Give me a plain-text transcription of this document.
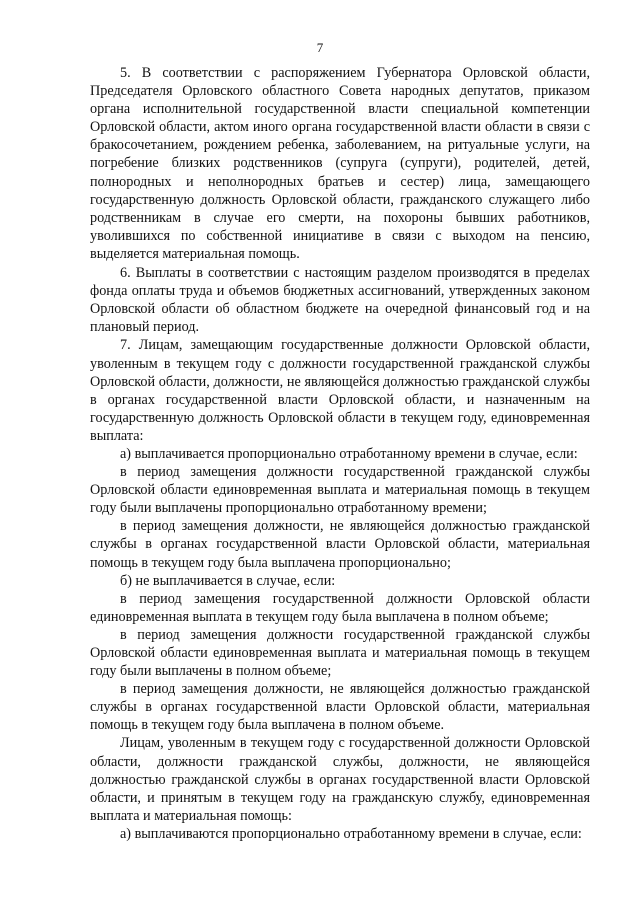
7

5. В соответствии с распоряжением Губернатора Орловской области, Председателя Орловского областного Совета народных депутатов, приказом органа исполнительной государственной власти специальной компетенции Орловской области, актом иного органа государственной власти области в связи с бракосочетанием, рождением ребенка, заболеванием, на ритуальные услуги, на погребение близких родственников (супруга (супруги), родителей, детей, полнородных и неполнородных братьев и сестер) лица, замещающего государственную должность Орловской области, гражданского служащего либо родственникам в случае его смерти, на похороны бывших работников, уволившихся по собственной инициативе в связи с выходом на пенсию, выделяется материальная помощь.

6. Выплаты в соответствии с настоящим разделом производятся в пределах фонда оплаты труда и объемов бюджетных ассигнований, утвержденных законом Орловской области об областном бюджете на очередной финансовый год и на плановый период.

7. Лицам, замещающим государственные должности Орловской области, уволенным в текущем году с должности государственной гражданской службы Орловской области, должности, не являющейся должностью гражданской службы в органах государственной власти Орловской области, и назначенным на государственную должность Орловской области в текущем году, единовременная выплата:

а) выплачивается пропорционально отработанному времени в случае, если:

в период замещения должности государственной гражданской службы Орловской области единовременная выплата и материальная помощь в текущем году были выплачены пропорционально отработанному времени;

в период замещения должности, не являющейся должностью гражданской службы в органах государственной власти Орловской области, материальная помощь в текущем году была выплачена пропорционально;

б) не выплачивается в случае, если:

в период замещения государственной должности Орловской области единовременная выплата в текущем году была выплачена в полном объеме;

в период замещения должности государственной гражданской службы Орловской области единовременная выплата и материальная помощь в текущем году были выплачены в полном объеме;

в период замещения должности, не являющейся должностью гражданской службы в органах государственной власти Орловской области, материальная помощь в текущем году была выплачена в полном объеме.

Лицам, уволенным в текущем году с государственной должности Орловской области, должности гражданской службы, должности, не являющейся должностью гражданской службы в органах государственной власти Орловской области, и принятым в текущем году на гражданскую службу, единовременная выплата и материальная помощь:

а) выплачиваются пропорционально отработанному времени в случае, если:
